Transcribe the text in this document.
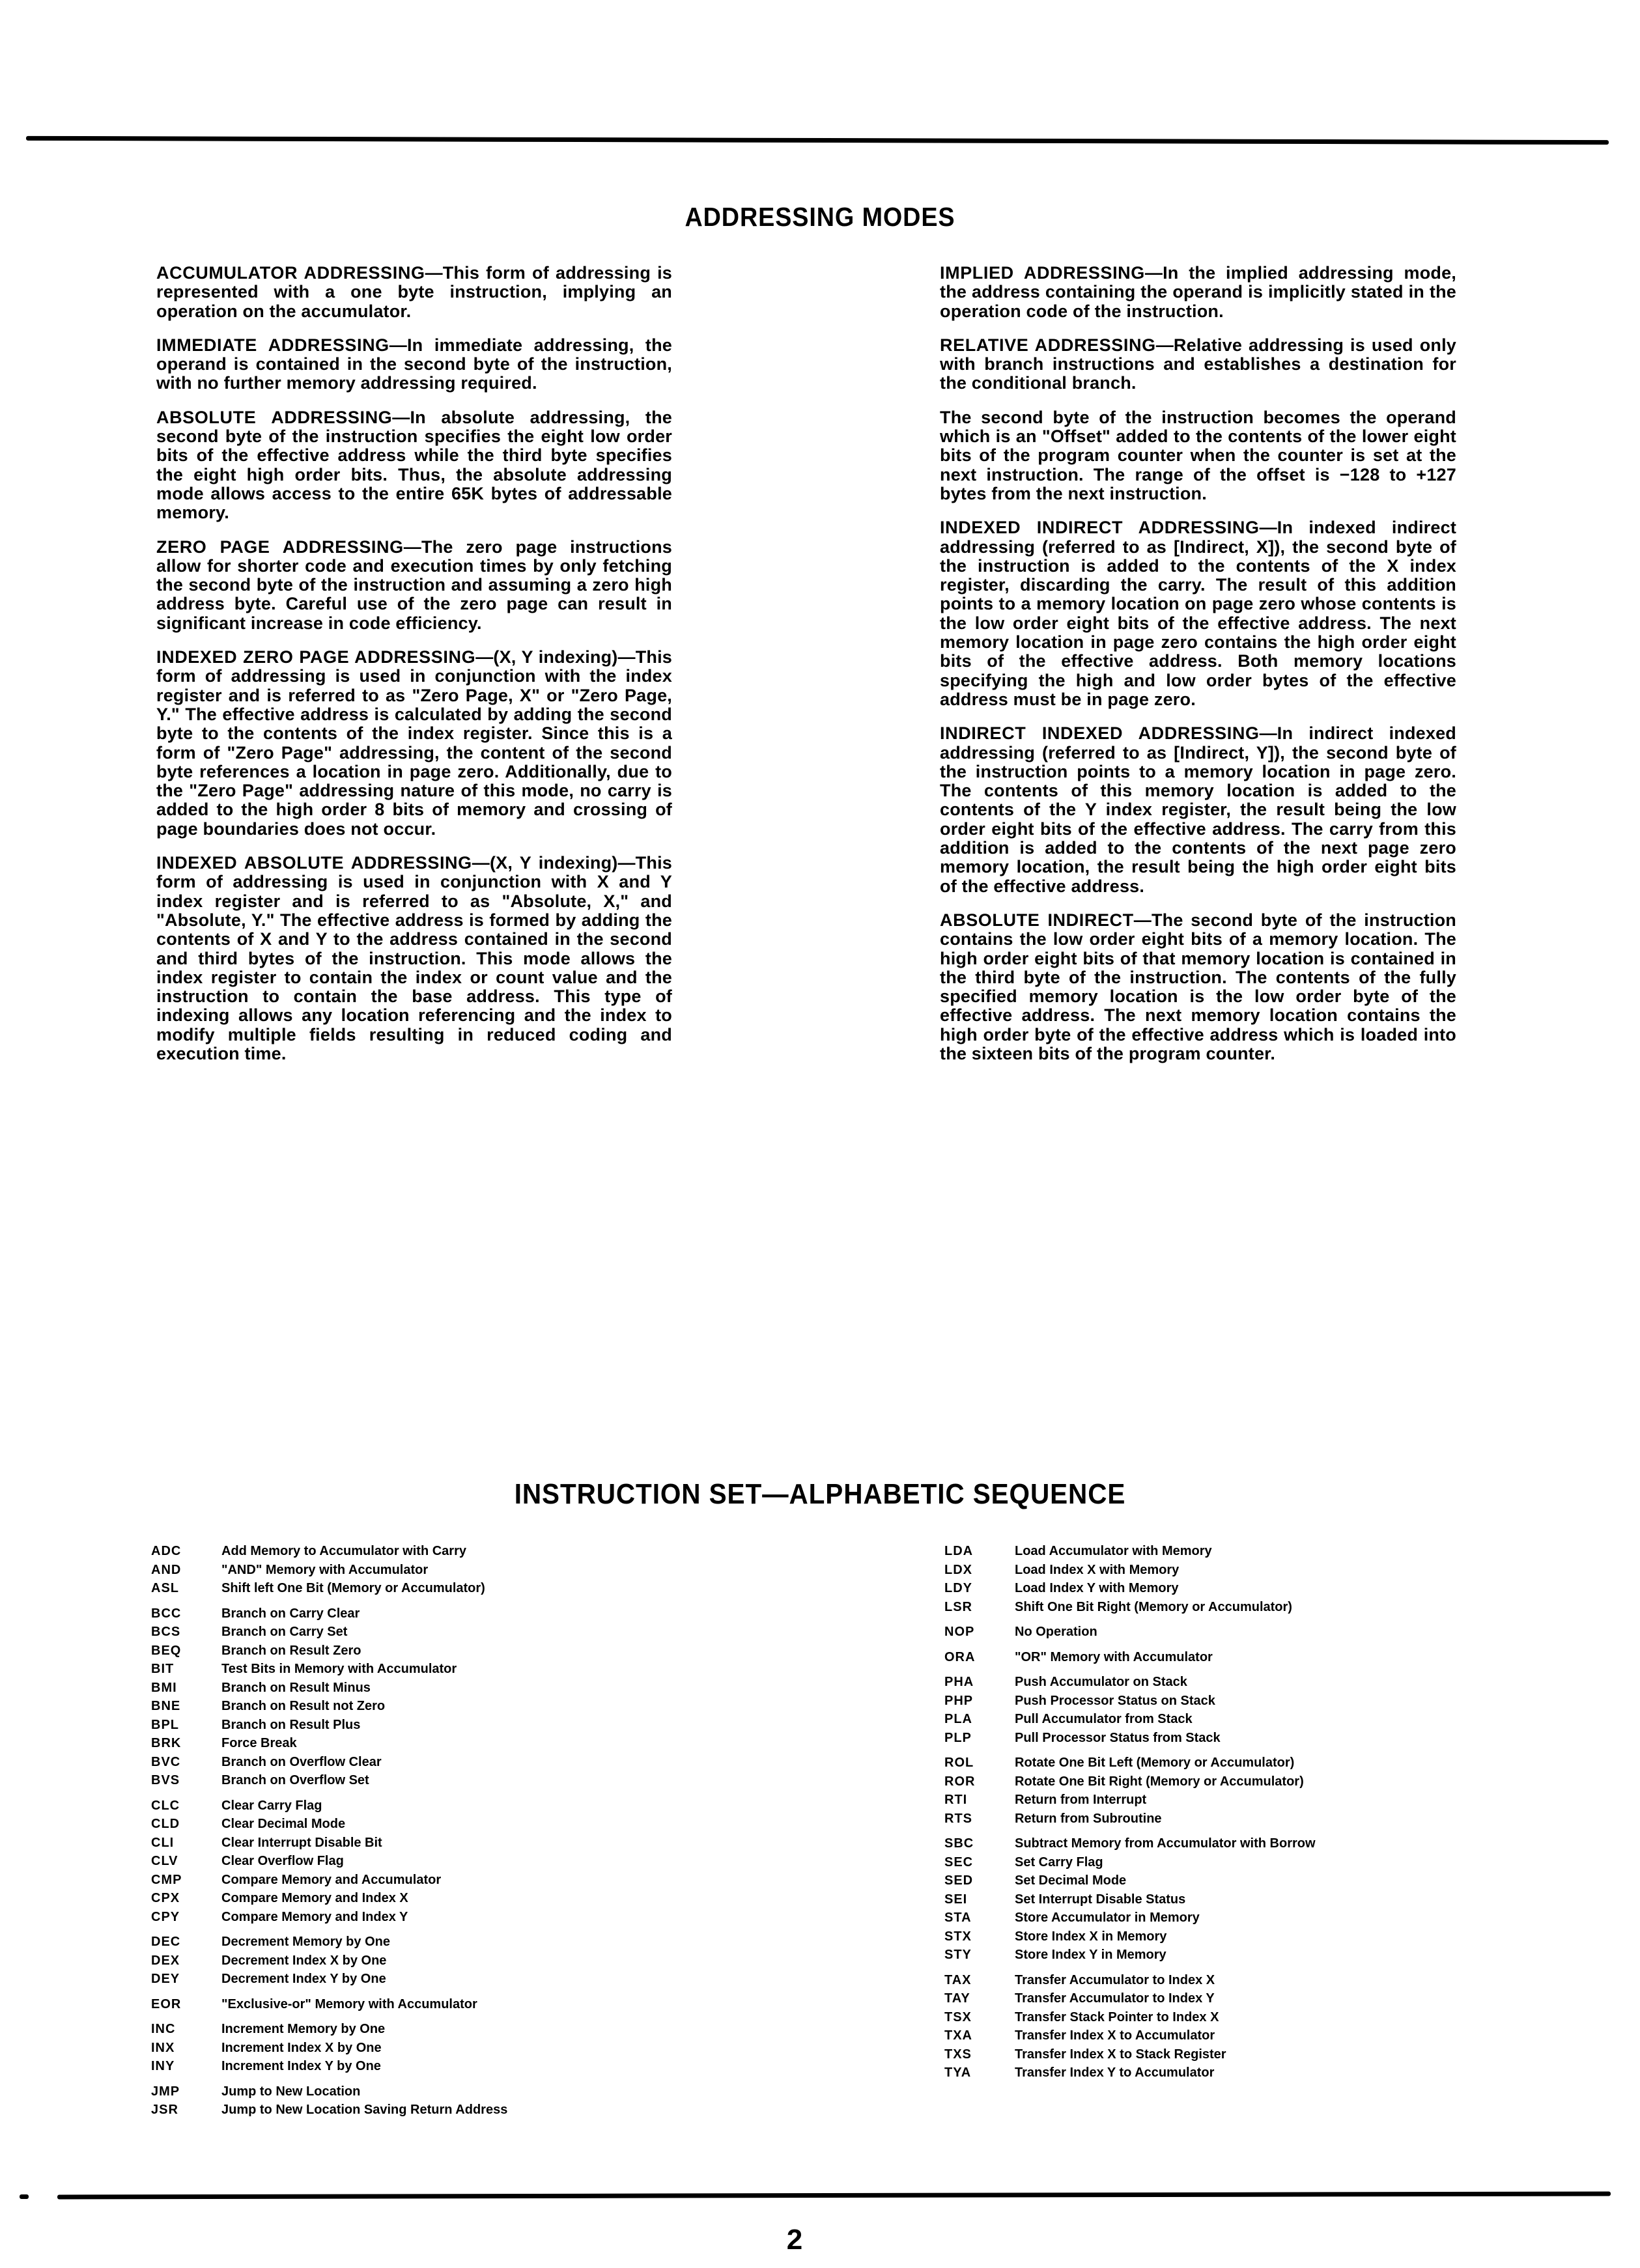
ADDRESSING MODES

ACCUMULATOR ADDRESSING—This form of addressing is represented with a one byte instruction, implying an operation on the accumulator.

IMMEDIATE ADDRESSING—In immediate addressing, the operand is contained in the second byte of the instruction, with no further memory addressing required.

ABSOLUTE ADDRESSING—In absolute addressing, the second byte of the instruction specifies the eight low order bits of the effective address while the third byte specifies the eight high order bits. Thus, the absolute addressing mode allows access to the entire 65K bytes of addressable memory.

ZERO PAGE ADDRESSING—The zero page instructions allow for shorter code and execution times by only fetching the second byte of the instruction and assuming a zero high address byte. Careful use of the zero page can result in significant increase in code efficiency.

INDEXED ZERO PAGE ADDRESSING—(X, Y indexing)—This form of addressing is used in conjunction with the index register and is referred to as "Zero Page, X" or "Zero Page, Y." The effective address is calculated by adding the second byte to the contents of the index register. Since this is a form of "Zero Page" addressing, the content of the second byte references a location in page zero. Additionally, due to the "Zero Page" addressing nature of this mode, no carry is added to the high order 8 bits of memory and crossing of page boundaries does not occur.

INDEXED ABSOLUTE ADDRESSING—(X, Y indexing)—This form of addressing is used in conjunction with X and Y index register and is referred to as "Absolute, X," and "Absolute, Y." The effective address is formed by adding the contents of X and Y to the address contained in the second and third bytes of the instruction. This mode allows the index register to contain the index or count value and the instruction to contain the base address. This type of indexing allows any location referencing and the index to modify multiple fields resulting in reduced coding and execution time.

IMPLIED ADDRESSING—In the implied addressing mode, the address containing the operand is implicitly stated in the operation code of the instruction.

RELATIVE ADDRESSING—Relative addressing is used only with branch instructions and establishes a destination for the conditional branch.

The second byte of the instruction becomes the operand which is an "Offset" added to the contents of the lower eight bits of the program counter when the counter is set at the next instruction. The range of the offset is −128 to +127 bytes from the next instruction.

INDEXED INDIRECT ADDRESSING—In indexed indirect addressing (referred to as [Indirect, X]), the second byte of the instruction is added to the contents of the X index register, discarding the carry. The result of this addition points to a memory location on page zero whose contents is the low order eight bits of the effective address. The next memory location in page zero contains the high order eight bits of the effective address. Both memory locations specifying the high and low order bytes of the effective address must be in page zero.

INDIRECT INDEXED ADDRESSING—In indirect indexed addressing (referred to as [Indirect, Y]), the second byte of the instruction points to a memory location in page zero. The contents of this memory location is added to the contents of the Y index register, the result being the low order eight bits of the effective address. The carry from this addition is added to the contents of the next page zero memory location, the result being the high order eight bits of the effective address.

ABSOLUTE INDIRECT—The second byte of the instruction contains the low order eight bits of a memory location. The high order eight bits of that memory location is contained in the third byte of the instruction. The contents of the fully specified memory location is the low order byte of the effective address. The next memory location contains the high order byte of the effective address which is loaded into the sixteen bits of the program counter.

INSTRUCTION SET—ALPHABETIC SEQUENCE
ADC	Add Memory to Accumulator with Carry
AND	"AND" Memory with Accumulator
ASL	Shift left One Bit (Memory or Accumulator)
BCC	Branch on Carry Clear
BCS	Branch on Carry Set
BEQ	Branch on Result Zero
BIT	Test Bits in Memory with Accumulator
BMI	Branch on Result Minus
BNE	Branch on Result not Zero
BPL	Branch on Result Plus
BRK	Force Break
BVC	Branch on Overflow Clear
BVS	Branch on Overflow Set
CLC	Clear Carry Flag
CLD	Clear Decimal Mode
CLI	Clear Interrupt Disable Bit
CLV	Clear Overflow Flag
CMP	Compare Memory and Accumulator
CPX	Compare Memory and Index X
CPY	Compare Memory and Index Y
DEC	Decrement Memory by One
DEX	Decrement Index X by One
DEY	Decrement Index Y by One
EOR	"Exclusive-or" Memory with Accumulator
INC	Increment Memory by One
INX	Increment Index X by One
INY	Increment Index Y by One
JMP	Jump to New Location
JSR	Jump to New Location Saving Return Address
LDA	Load Accumulator with Memory
LDX	Load Index X with Memory
LDY	Load Index Y with Memory
LSR	Shift One Bit Right (Memory or Accumulator)
NOP	No Operation
ORA	"OR" Memory with Accumulator
PHA	Push Accumulator on Stack
PHP	Push Processor Status on Stack
PLA	Pull Accumulator from Stack
PLP	Pull Processor Status from Stack
ROL	Rotate One Bit Left (Memory or Accumulator)
ROR	Rotate One Bit Right (Memory or Accumulator)
RTI	Return from Interrupt
RTS	Return from Subroutine
SBC	Subtract Memory from Accumulator with Borrow
SEC	Set Carry Flag
SED	Set Decimal Mode
SEI	Set Interrupt Disable Status
STA	Store Accumulator in Memory
STX	Store Index X in Memory
STY	Store Index Y in Memory
TAX	Transfer Accumulator to Index X
TAY	Transfer Accumulator to Index Y
TSX	Transfer Stack Pointer to Index X
TXA	Transfer Index X to Accumulator
TXS	Transfer Index X to Stack Register
TYA	Transfer Index Y to Accumulator
2
